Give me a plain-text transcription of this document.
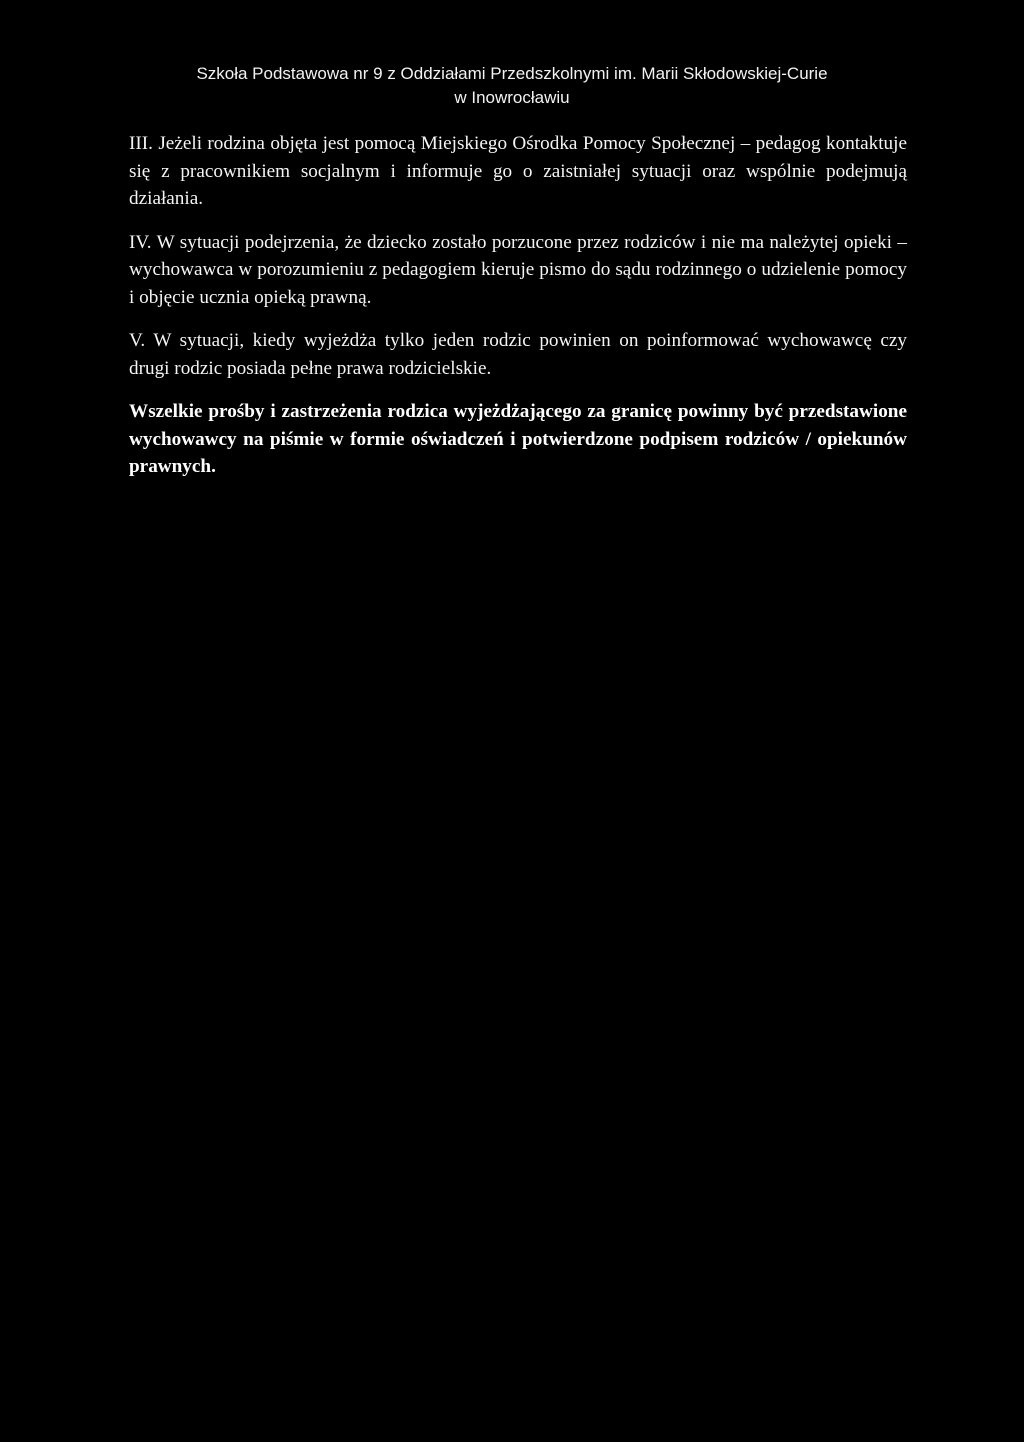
Szkoła Podstawowa nr 9 z Oddziałami Przedszkolnymi im. Marii Skłodowskiej-Curie
w Inowrocławiu

III. Jeżeli rodzina objęta jest pomocą Miejskiego Ośrodka Pomocy Społecznej – pedagog kontaktuje się z pracownikiem socjalnym i informuje go o zaistniałej sytuacji oraz wspólnie podejmują działania.

IV. W sytuacji podejrzenia, że dziecko zostało porzucone przez rodziców i nie ma należytej opieki – wychowawca w porozumieniu z pedagogiem kieruje pismo do sądu rodzinnego o udzielenie pomocy i objęcie ucznia opieką prawną.

V. W sytuacji, kiedy wyjeżdża tylko jeden rodzic powinien on poinformować wychowawcę czy drugi rodzic posiada pełne prawa rodzicielskie.

Wszelkie prośby i zastrzeżenia rodzica wyjeżdżającego za granicę powinny być przedstawione wychowawcy na piśmie w formie oświadczeń i potwierdzone podpisem rodziców / opiekunów prawnych.
